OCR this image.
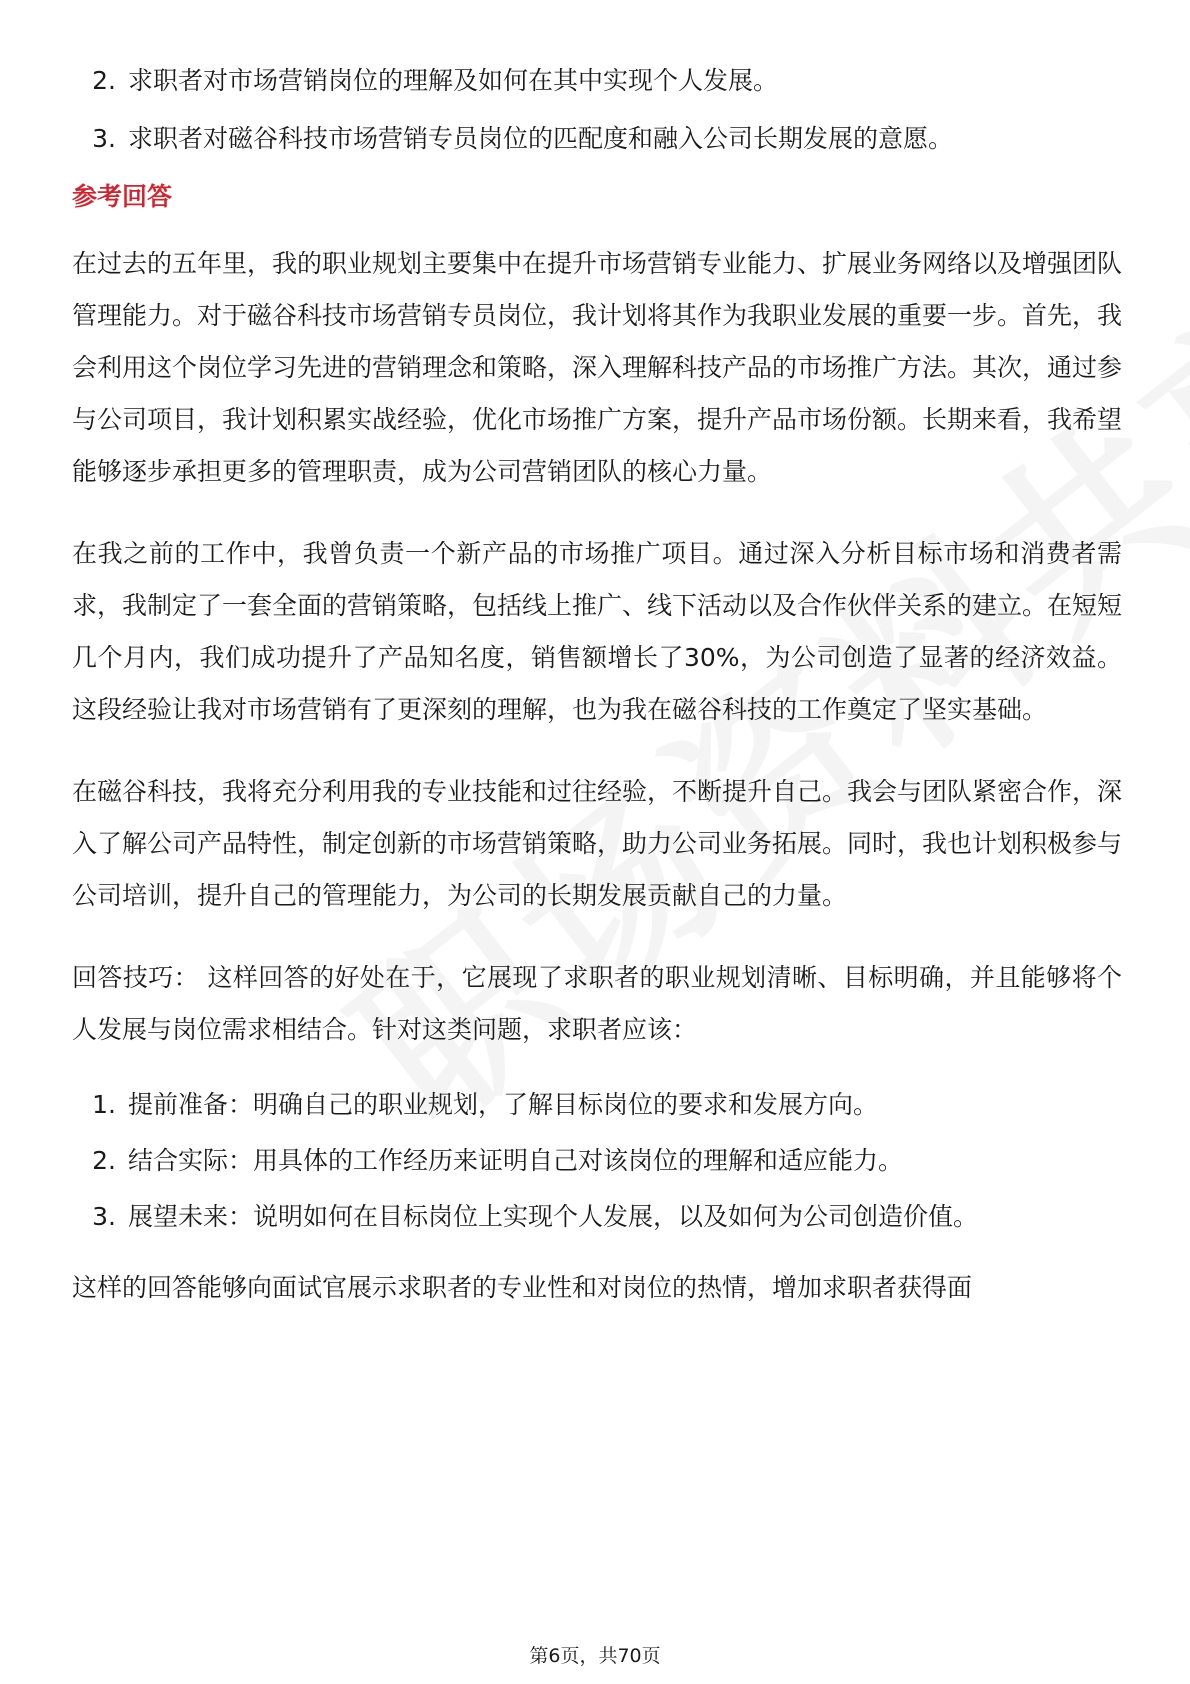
2. 求职者对市场营销岗位的理解及如何在其中实现个人发展。
3. 求职者对磁谷科技市场营销专员岗位的匹配度和融入公司长期发展的意愿。
参考回答

在过去的五年里，我的职业规划主要集中在提升市场营销专业能力、扩展业务网络以及增强团队管理能力。对于磁谷科技市场营销专员岗位，我计划将其作为我职业发展的重要一步。首先，我会利用这个岗位学习先进的营销理念和策略，深入理解科技产品的市场推广方法。其次，通过参与公司项目，我计划积累实战经验，优化市场推广方案，提升产品市场份额。长期来看，我希望能够逐步承担更多的管理职责，成为公司营销团队的核心力量。

在我之前的工作中，我曾负责一个新产品的市场推广项目。通过深入分析目标市场和消费者需求，我制定了一套全面的营销策略，包括线上推广、线下活动以及合作伙伴关系的建立。在短短几个月内，我们成功提升了产品知名度，销售额增长了30%，为公司创造了显著的经济效益。这段经验让我对市场营销有了更深刻的理解，也为我在磁谷科技的工作奠定了坚实基础。

在磁谷科技，我将充分利用我的专业技能和过往经验，不断提升自己。我会与团队紧密合作，深入了解公司产品特性，制定创新的市场营销策略，助力公司业务拓展。同时，我也计划积极参与公司培训，提升自己的管理能力，为公司的长期发展贡献自己的力量。

回答技巧： 这样回答的好处在于，它展现了求职者的职业规划清晰、目标明确，并且能够将个人发展与岗位需求相结合。针对这类问题，求职者应该：

1. 提前准备：明确自己的职业规划，了解目标岗位的要求和发展方向。
2. 结合实际：用具体的工作经历来证明自己对该岗位的理解和适应能力。
3. 展望未来：说明如何在目标岗位上实现个人发展，以及如何为公司创造价值。

这样的回答能够向面试官展示求职者的专业性和对岗位的热情，增加求职者获得面

第6页，共70页
